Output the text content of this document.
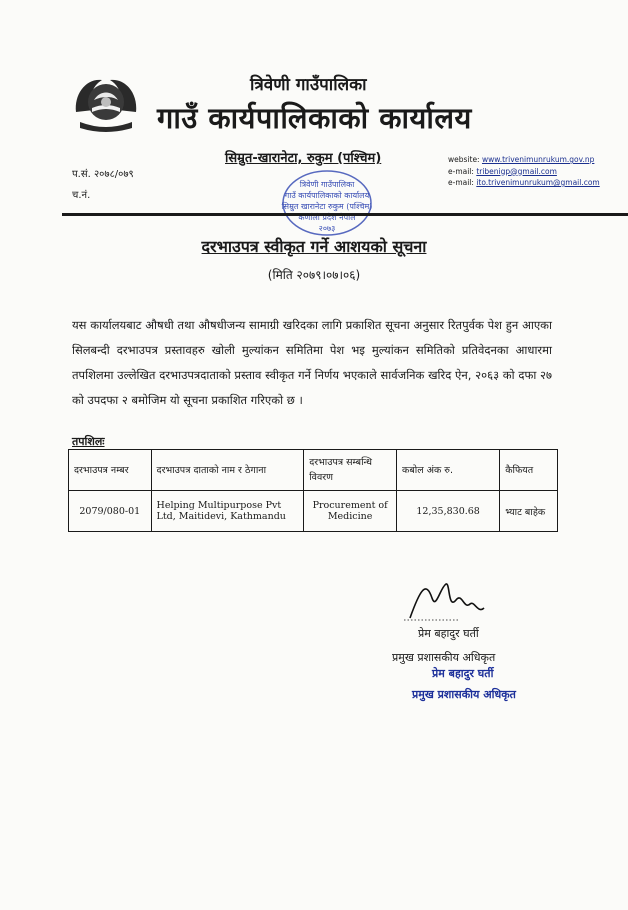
त्रिवेणी गाउँपालिका
गाउँ कार्यपालिकाको कार्यालय
सिम्रुत-खारानेटा, रुकुम (पश्चिम)
प.सं. २०७८/०७९
च.नं.
website: www.trivenimunrukum.gov.np
e-mail: tribenigp@gmail.com
e-mail: ito.trivenimunrukum@gmail.com
त्रिवेणी गाउँपालिका
गाउँ कार्यपालिकाको कार्यालय
सिम्रुत खारानेटा रुकुम (पश्चिम)
कर्णाली प्रदेश नेपाल
२०७३
दरभाउपत्र स्वीकृत गर्ने आशयको सूचना
(मिति २०७९।०७।०६)
यस कार्यालयबाट औषधी तथा औषधीजन्य सामाग्री खरिदका लागि प्रकाशित सूचना अनुसार रितपुर्वक पेश हुन आएका सिलबन्दी दरभाउपत्र प्रस्तावहरु खोली मुल्यांकन समितिमा पेश भइ मुल्यांकन समितिको प्रतिवेदनका आधारमा तपशिलमा उल्लेखित दरभाउपत्रदाताको प्रस्ताव स्वीकृत गर्ने निर्णय भएकाले सार्वजनिक खरिद ऐन, २०६३ को दफा २७ को उपदफा २ बमोजिम यो सूचना प्रकाशित गरिएको छ ।
तपशिलः
दरभाउपत्र नम्बर	दरभाउपत्र दाताको नाम र ठेगाना	दरभाउपत्र सम्बन्धि विवरण	कबोल अंक रु.	कैफियत
2079/080-01	Helping Multipurpose Pvt Ltd, Maitidevi, Kathmandu	Procurement of Medicine	12,35,830.68	भ्याट बाहेक
प्रेम बहादुर घर्ती
प्रमुख प्रशासकीय अधिकृत
प्रेम बहादुर घर्ती
प्रमुख प्रशासकीय अधिकृत
